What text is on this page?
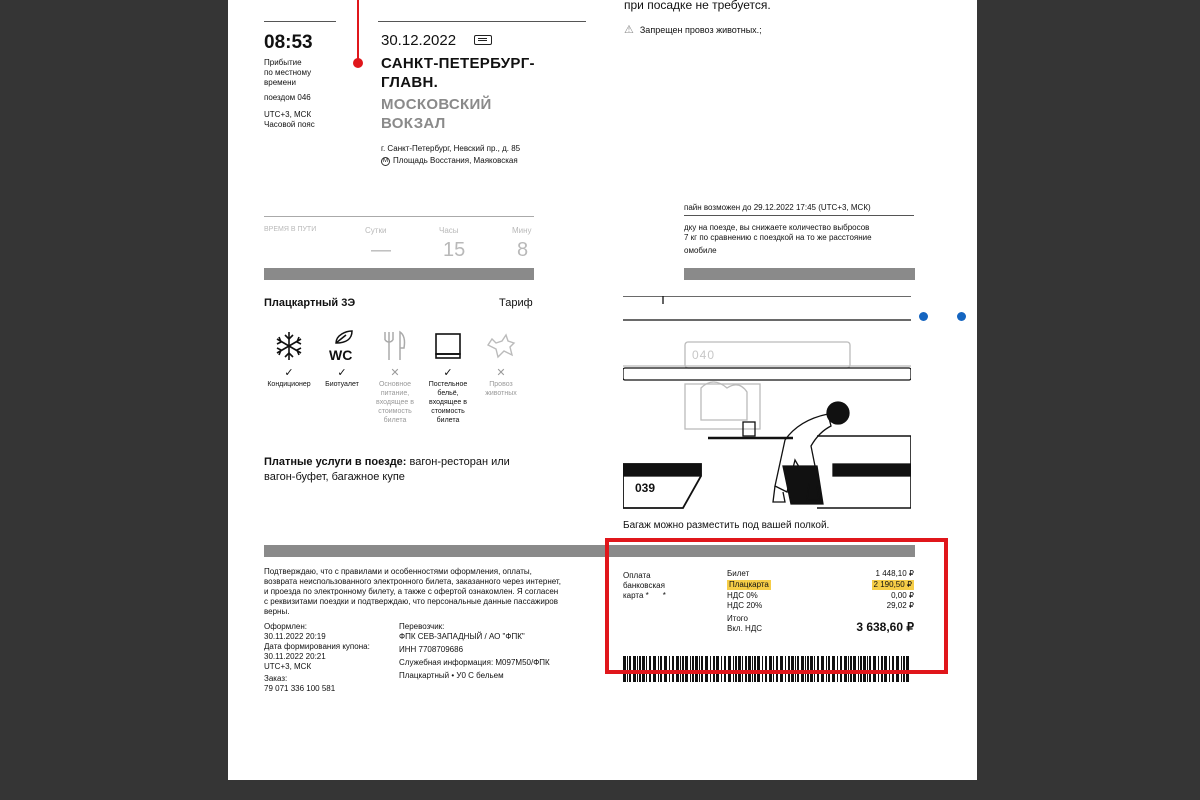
08:53
Прибытие
по местному
времени
поездом 046
UTC+3, МСК
Часовой пояс
30.12.2022
САНКТ-ПЕТЕРБУРГ-
ГЛАВН.
МОСКОВСКИЙ
ВОКЗАЛ
г. Санкт-Петербург, Невский пр., д. 85
M Площадь Восстания, Маяковская
при посадке не требуется.
⚠ Запрещен провоз животных.;
ВРЕМЯ В ПУТИ	Сутки	Часы	Мину
—	15	8
пайн возможен до 29.12.2022 17:45 (UTC+3, МСК)
дку на поезде, вы снижаете количество выбросов
7 кг по сравнению с поездкой на то же расстояние
омобиле
Плацкартный 3Э	Тариф
✓
Кондиционер
WC
✓
Биотуалет
✕
Основное питание, входящее в стоимость билета
✓
Постельное бельё, входящее в стоимость билета
✕
Провоз животных
Платные услуги в поезде: вагон-ресторан или вагон-буфет, багажное купе
040
039
Багаж можно разместить под вашей полкой.
Подтверждаю, что с правилами и особенностями оформления, оплаты, возврата неиспользованного электронного билета, заказанного через интернет, и проезда по электронному билету, а также с офертой ознакомлен. Я согласен с реквизитами поездки и подтверждаю, что персональные данные пассажиров верны.
Оформлен:
30.11.2022 20:19
Дата формирования купона:
30.11.2022 20:21
UTC+3, МСК
Заказ:
79 071 336 100 581
Перевозчик:
ФПК СЕВ-ЗАПАДНЫЙ / АО "ФПК"
ИНН 7708709686
Служебная информация: М097М50/ФПК
Плацкартный • У0 С бельем
Оплата
банковская
карта * *
Билет	1 448,10 ₽
Плацкарта	2 190,50 ₽
НДС 0%	0,00 ₽
НДС 20%	29,02 ₽
Итого
Вкл. НДС	3 638,60 ₽
